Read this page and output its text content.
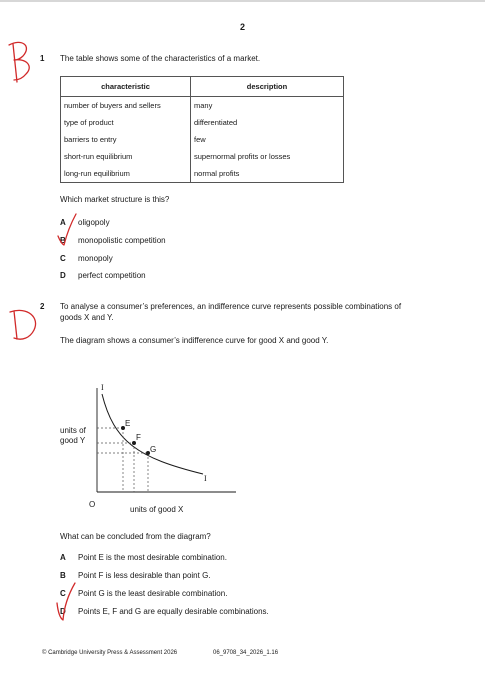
2
1 The table shows some of the characteristics of a market.
characteristic	description
number of buyers and sellers	many
type of product	differentiated
barriers to entry	few
short-run equilibrium	supernormal profits or losses
long-run equilibrium	normal profits
Which market structure is this?
A oligopoly
B monopolistic competition
C monopoly
D perfect competition
2 To analyse a consumer’s preferences, an indifference curve represents possible combinations of
goods X and Y.
The diagram shows a consumer’s indifference curve for good X and good Y.
I
I
E
F
G
units of
good Y
O
units of good X
What can be concluded from the diagram?
A Point E is the most desirable combination.
B Point F is less desirable than point G.
C Point G is the least desirable combination.
D Points E, F and G are equally desirable combinations.
© Cambridge University Press & Assessment 2026	06_9708_34_2026_1.16
